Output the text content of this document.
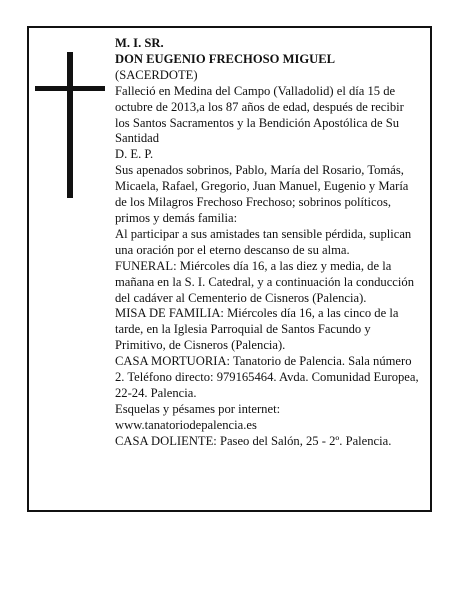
M. I. SR.

DON EUGENIO FRECHOSO MIGUEL

(SACERDOTE)

Falleció en Medina del Campo (Valladolid) el día 15 de octubre de 2013,a los 87 años de edad, después de recibir los Santos Sacramentos y la Bendición Apostólica de Su Santidad

D. E. P.

Sus apenados sobrinos, Pablo, María del Rosario, Tomás, Micaela, Rafael, Gregorio, Juan Manuel, Eugenio y María de los Milagros Frechoso Frechoso; sobrinos políticos, primos y demás familia:

Al participar a sus amistades tan sensible pérdida, suplican una oración por el eterno descanso de su alma.

FUNERAL: Miércoles día 16, a las diez y media, de la mañana en la S. I. Catedral, y a continuación la conducción del cadáver al Cementerio de Cisneros (Palencia).

MISA DE FAMILIA: Miércoles día 16, a las cinco de la tarde, en la Iglesia Parroquial de Santos Facundo y Primitivo, de Cisneros (Palencia).

CASA MORTUORIA: Tanatorio de Palencia. Sala número 2. Teléfono directo: 979165464. Avda. Comunidad Europea, 22-24. Palencia.

Esquelas y pésames por internet:

www.tanatoriodepalencia.es

CASA DOLIENTE: Paseo del Salón, 25 - 2º. Palencia.
